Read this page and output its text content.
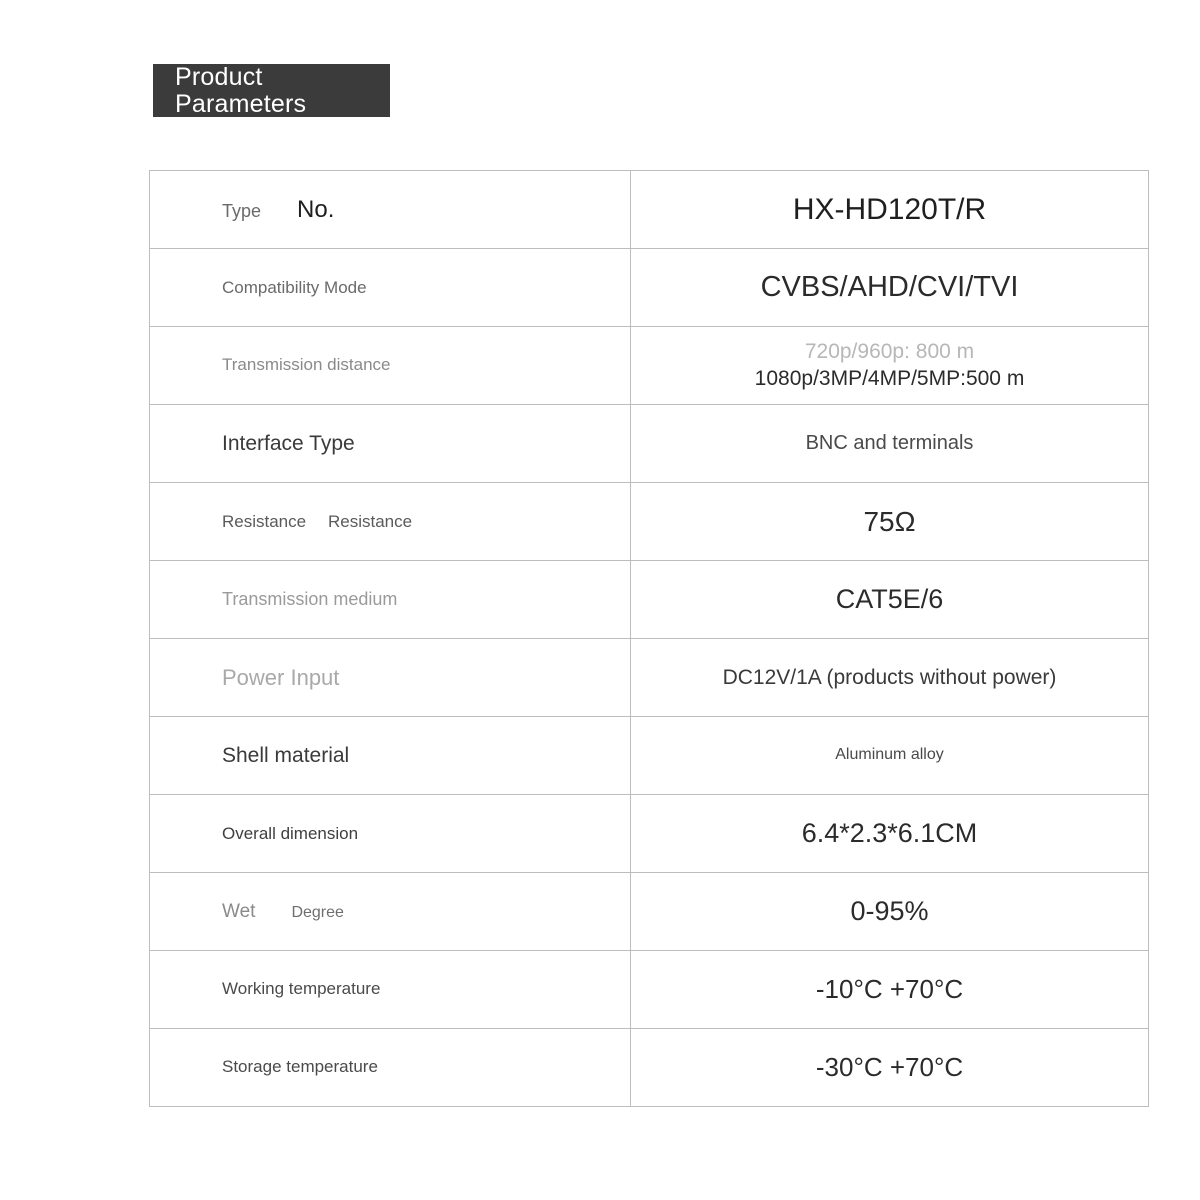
Product Parameters
Type No.	HX-HD120T/R
Compatibility Mode	CVBS/AHD/CVI/TVI
Transmission distance	720p/960p: 800 m
1080p/3MP/4MP/5MP:500 m

Interface Type	BNC and terminals

Resistance Resistance	75Ω
Transmission medium	CAT5E/6
Power Input	DC12V/1A (products without power)
Shell material	Aluminum alloy

Overall dimension	6.4*2.3*6.1CM

Wet Degree	0-95%
Working temperature	-10°C +70°C
Storage temperature	-30°C +70°C
